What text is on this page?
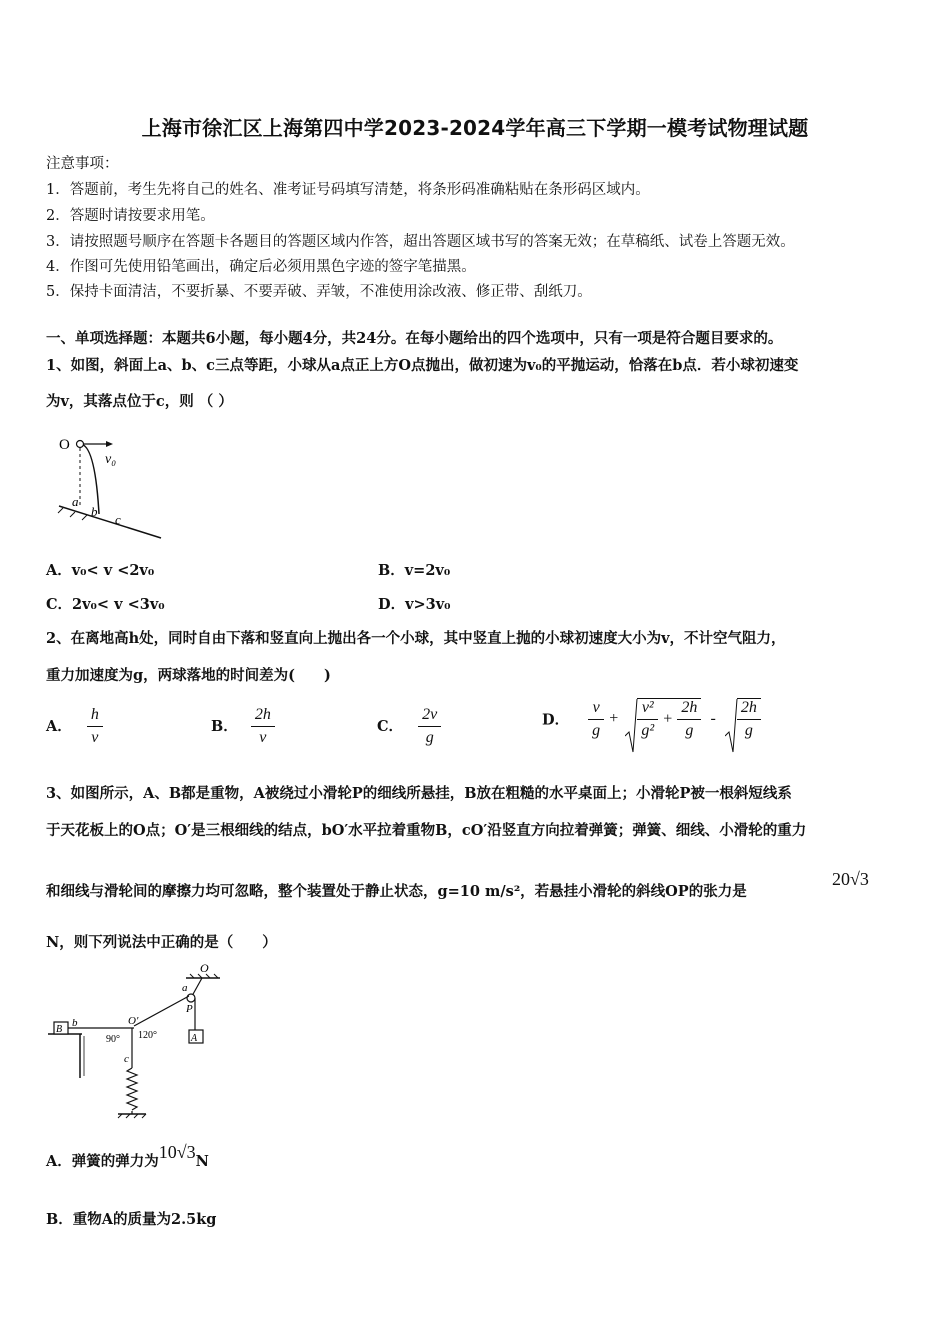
上海市徐汇区上海第四中学2023-2024学年高三下学期一模考试物理试题
注意事项：
1．答题前，考生先将自己的姓名、准考证号码填写清楚，将条形码准确粘贴在条形码区域内。
2．答题时请按要求用笔。
3．请按照题号顺序在答题卡各题目的答题区域内作答，超出答题区域书写的答案无效；在草稿纸、试卷上答题无效。
4．作图可先使用铅笔画出，确定后必须用黑色字迹的签字笔描黑。
5．保持卡面清洁，不要折暴、不要弄破、弄皱，不准使用涂改液、修正带、刮纸刀。
一、单项选择题：本题共6小题，每小题4分，共24分。在每小题给出的四个选项中，只有一项是符合题目要求的。
1、如图，斜面上a、b、c三点等距，小球从a点正上方O点抛出，做初速为v₀的平抛运动，恰落在b点．若小球初速变
为v，其落点位于c，则 （ ）
O
v₀
a
b
c
A．v₀< v <2v₀	B．v=2v₀
C．2v₀< v <3v₀	D．v>3v₀
2、在离地高h处，同时自由下落和竖直向上抛出各一个小球，其中竖直上抛的小球初速度大小为v，不计空气阻力，
重力加速度为g，两球落地的时间差为(　　)
A． $\frac{h}{v}$	B． $\frac{2h}{v}$	C． $\frac{2v}{g}$	D． $\frac{v}{g} + \frac{\text{v²}}{\text{g²}} + \frac{2h}{g} - \frac{2h}{g}$
3、如图所示，A、B都是重物，A被绕过小滑轮P的细线所悬挂，B放在粗糙的水平桌面上；小滑轮P被一根斜短线系
于天花板上的O点；O′是三根细线的结点，bO′水平拉着重物B，cO′沿竖直方向拉着弹簧；弹簧、细线、小滑轮的重力
和细线与滑轮间的摩擦力均可忽略，整个装置处于静止状态，g=10 m/s²，若悬挂小滑轮的斜线OP的张力是
20√3
N，则下列说法中正确的是（　　）
O
a
P
A
B
b	O′
90° 120°
c
A．弹簧的弹力为10√3N
B．重物A的质量为2.5kg
